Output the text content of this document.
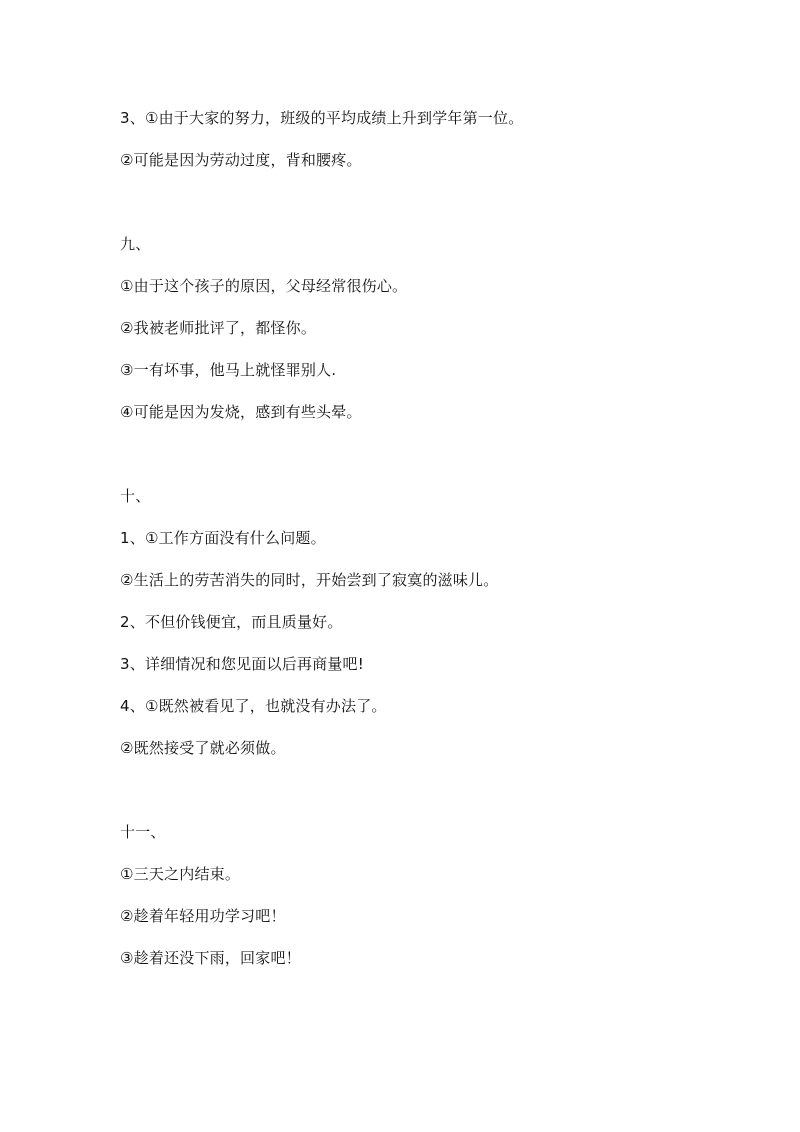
3、①由于大家的努力，班级的平均成绩上升到学年第一位。
②可能是因为劳动过度，背和腰疼。
九、
①由于这个孩子的原因，父母经常很伤心。
②我被老师批评了，都怪你。
③一有坏事，他马上就怪罪别人.
④可能是因为发烧，感到有些头晕。
十、
1、①工作方面没有什么问题。
②生活上的劳苦消失的同时，开始尝到了寂寞的滋味儿。
2、不但价钱便宜，而且质量好。
3、详细情况和您见面以后再商量吧!
4、①既然被看见了，也就没有办法了。
②既然接受了就必须做。
十一、
①三天之内结束。
②趁着年轻用功学习吧！
③趁着还没下雨，回家吧！
